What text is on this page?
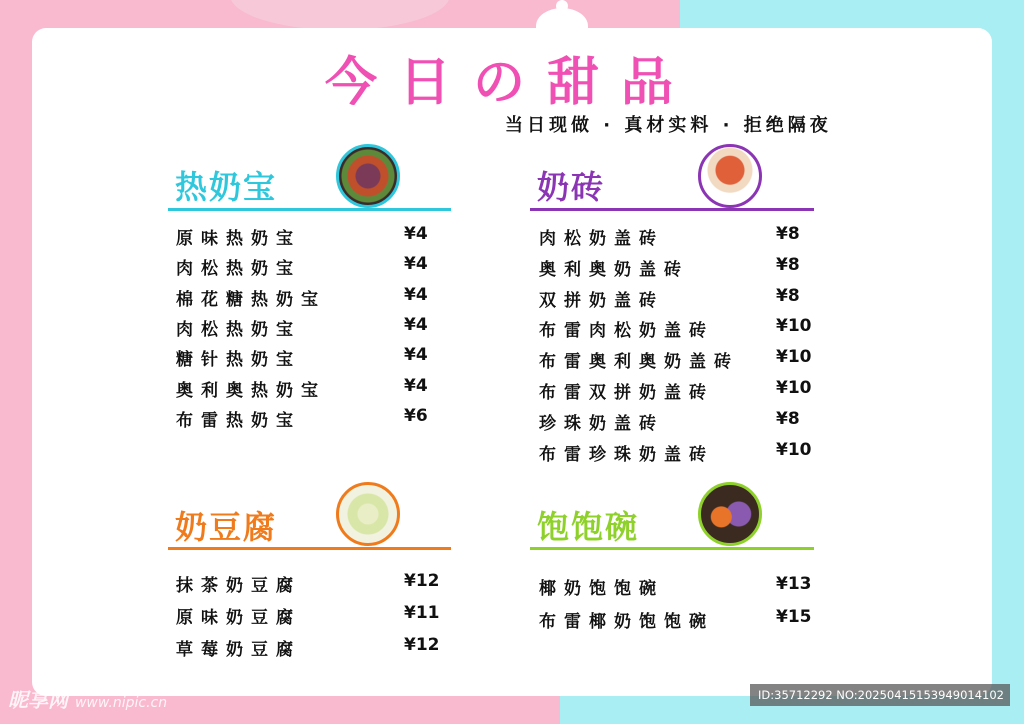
今日の甜品
当日现做 · 真材实料 · 拒绝隔夜
热奶宝
原味热奶宝	¥4
肉松热奶宝	¥4
棉花糖热奶宝	¥4
肉松热奶宝	¥4
糖针热奶宝	¥4
奥利奥热奶宝	¥4
布雷热奶宝	¥6
奶砖
肉松奶盖砖	¥8
奥利奥奶盖砖	¥8
双拼奶盖砖	¥8
布雷肉松奶盖砖	¥10
布雷奥利奥奶盖砖 ¥10
布雷双拼奶盖砖	¥10
珍珠奶盖砖	¥8
布雷珍珠奶盖砖	¥10
奶豆腐
抹茶奶豆腐	¥12
原味奶豆腐	¥11
草莓奶豆腐	¥12
饱饱碗
椰奶饱饱碗	¥13
布雷椰奶饱饱碗	¥15
昵享网 www.nipic.cn	ID:35712292 NO:20250415153949014102
